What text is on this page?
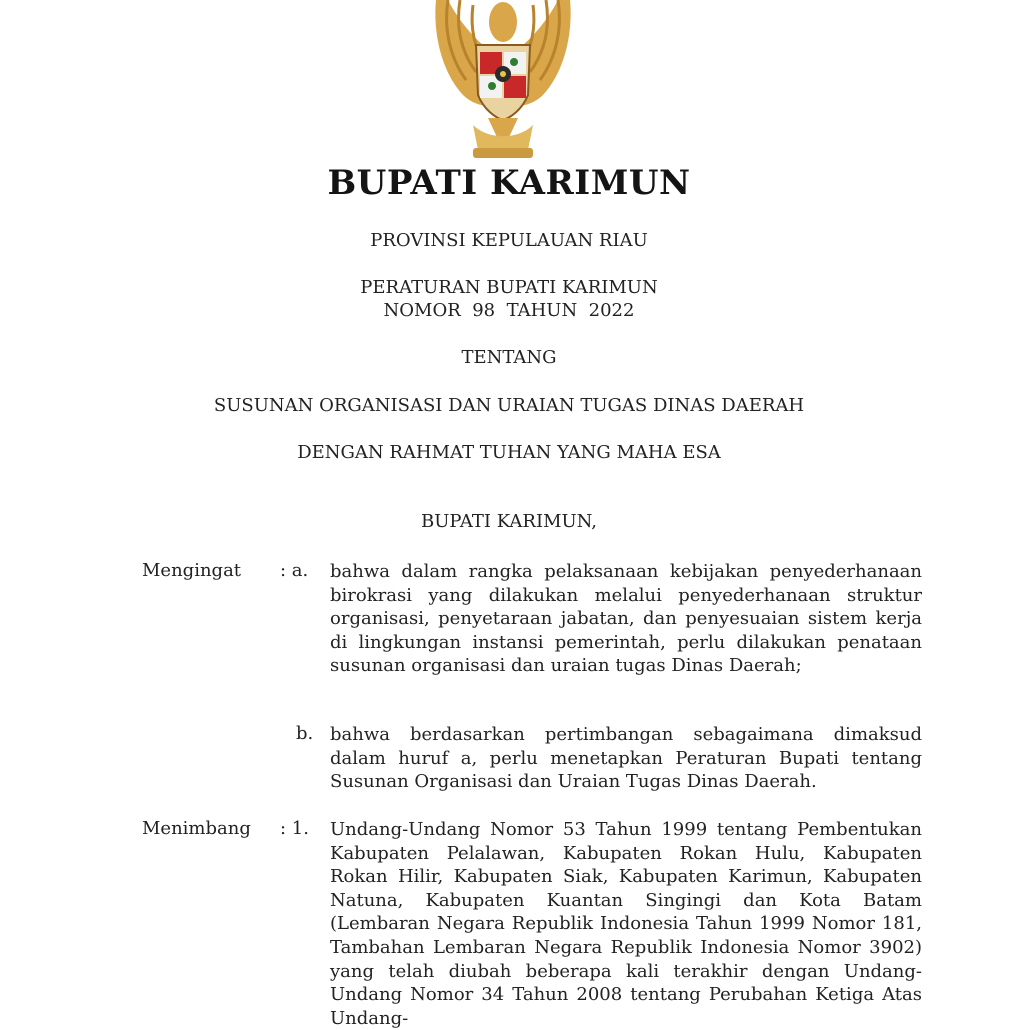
BUPATI KARIMUN
PROVINSI KEPULAUAN RIAU
PERATURAN BUPATI KARIMUN
NOMOR  98  TAHUN  2022
TENTANG
SUSUNAN ORGANISASI DAN URAIAN TUGAS DINAS DAERAH
DENGAN RAHMAT TUHAN YANG MAHA ESA
BUPATI KARIMUN,
Mengingat : a. bahwa dalam rangka pelaksanaan kebijakan penyederhanaan birokrasi yang dilakukan melalui penyederhanaan struktur organisasi, penyetaraan jabatan, dan penyesuaian sistem kerja di lingkungan instansi pemerintah, perlu dilakukan penataan susunan organisasi dan uraian tugas Dinas Daerah;

b. bahwa berdasarkan pertimbangan sebagaimana dimaksud dalam huruf a, perlu menetapkan Peraturan Bupati tentang Susunan Organisasi dan Uraian Tugas Dinas Daerah.

Menimbang : 1. Undang-Undang Nomor 53 Tahun 1999 tentang Pembentukan Kabupaten Pelalawan, Kabupaten Rokan Hulu, Kabupaten Rokan Hilir, Kabupaten Siak, Kabupaten Karimun, Kabupaten Natuna, Kabupaten Kuantan Singingi dan Kota Batam (Lembaran Negara Republik Indonesia Tahun 1999 Nomor 181, Tambahan Lembaran Negara Republik Indonesia Nomor 3902) yang telah diubah beberapa kali terakhir dengan Undang-Undang Nomor 34 Tahun 2008 tentang Perubahan Ketiga Atas Undang-
